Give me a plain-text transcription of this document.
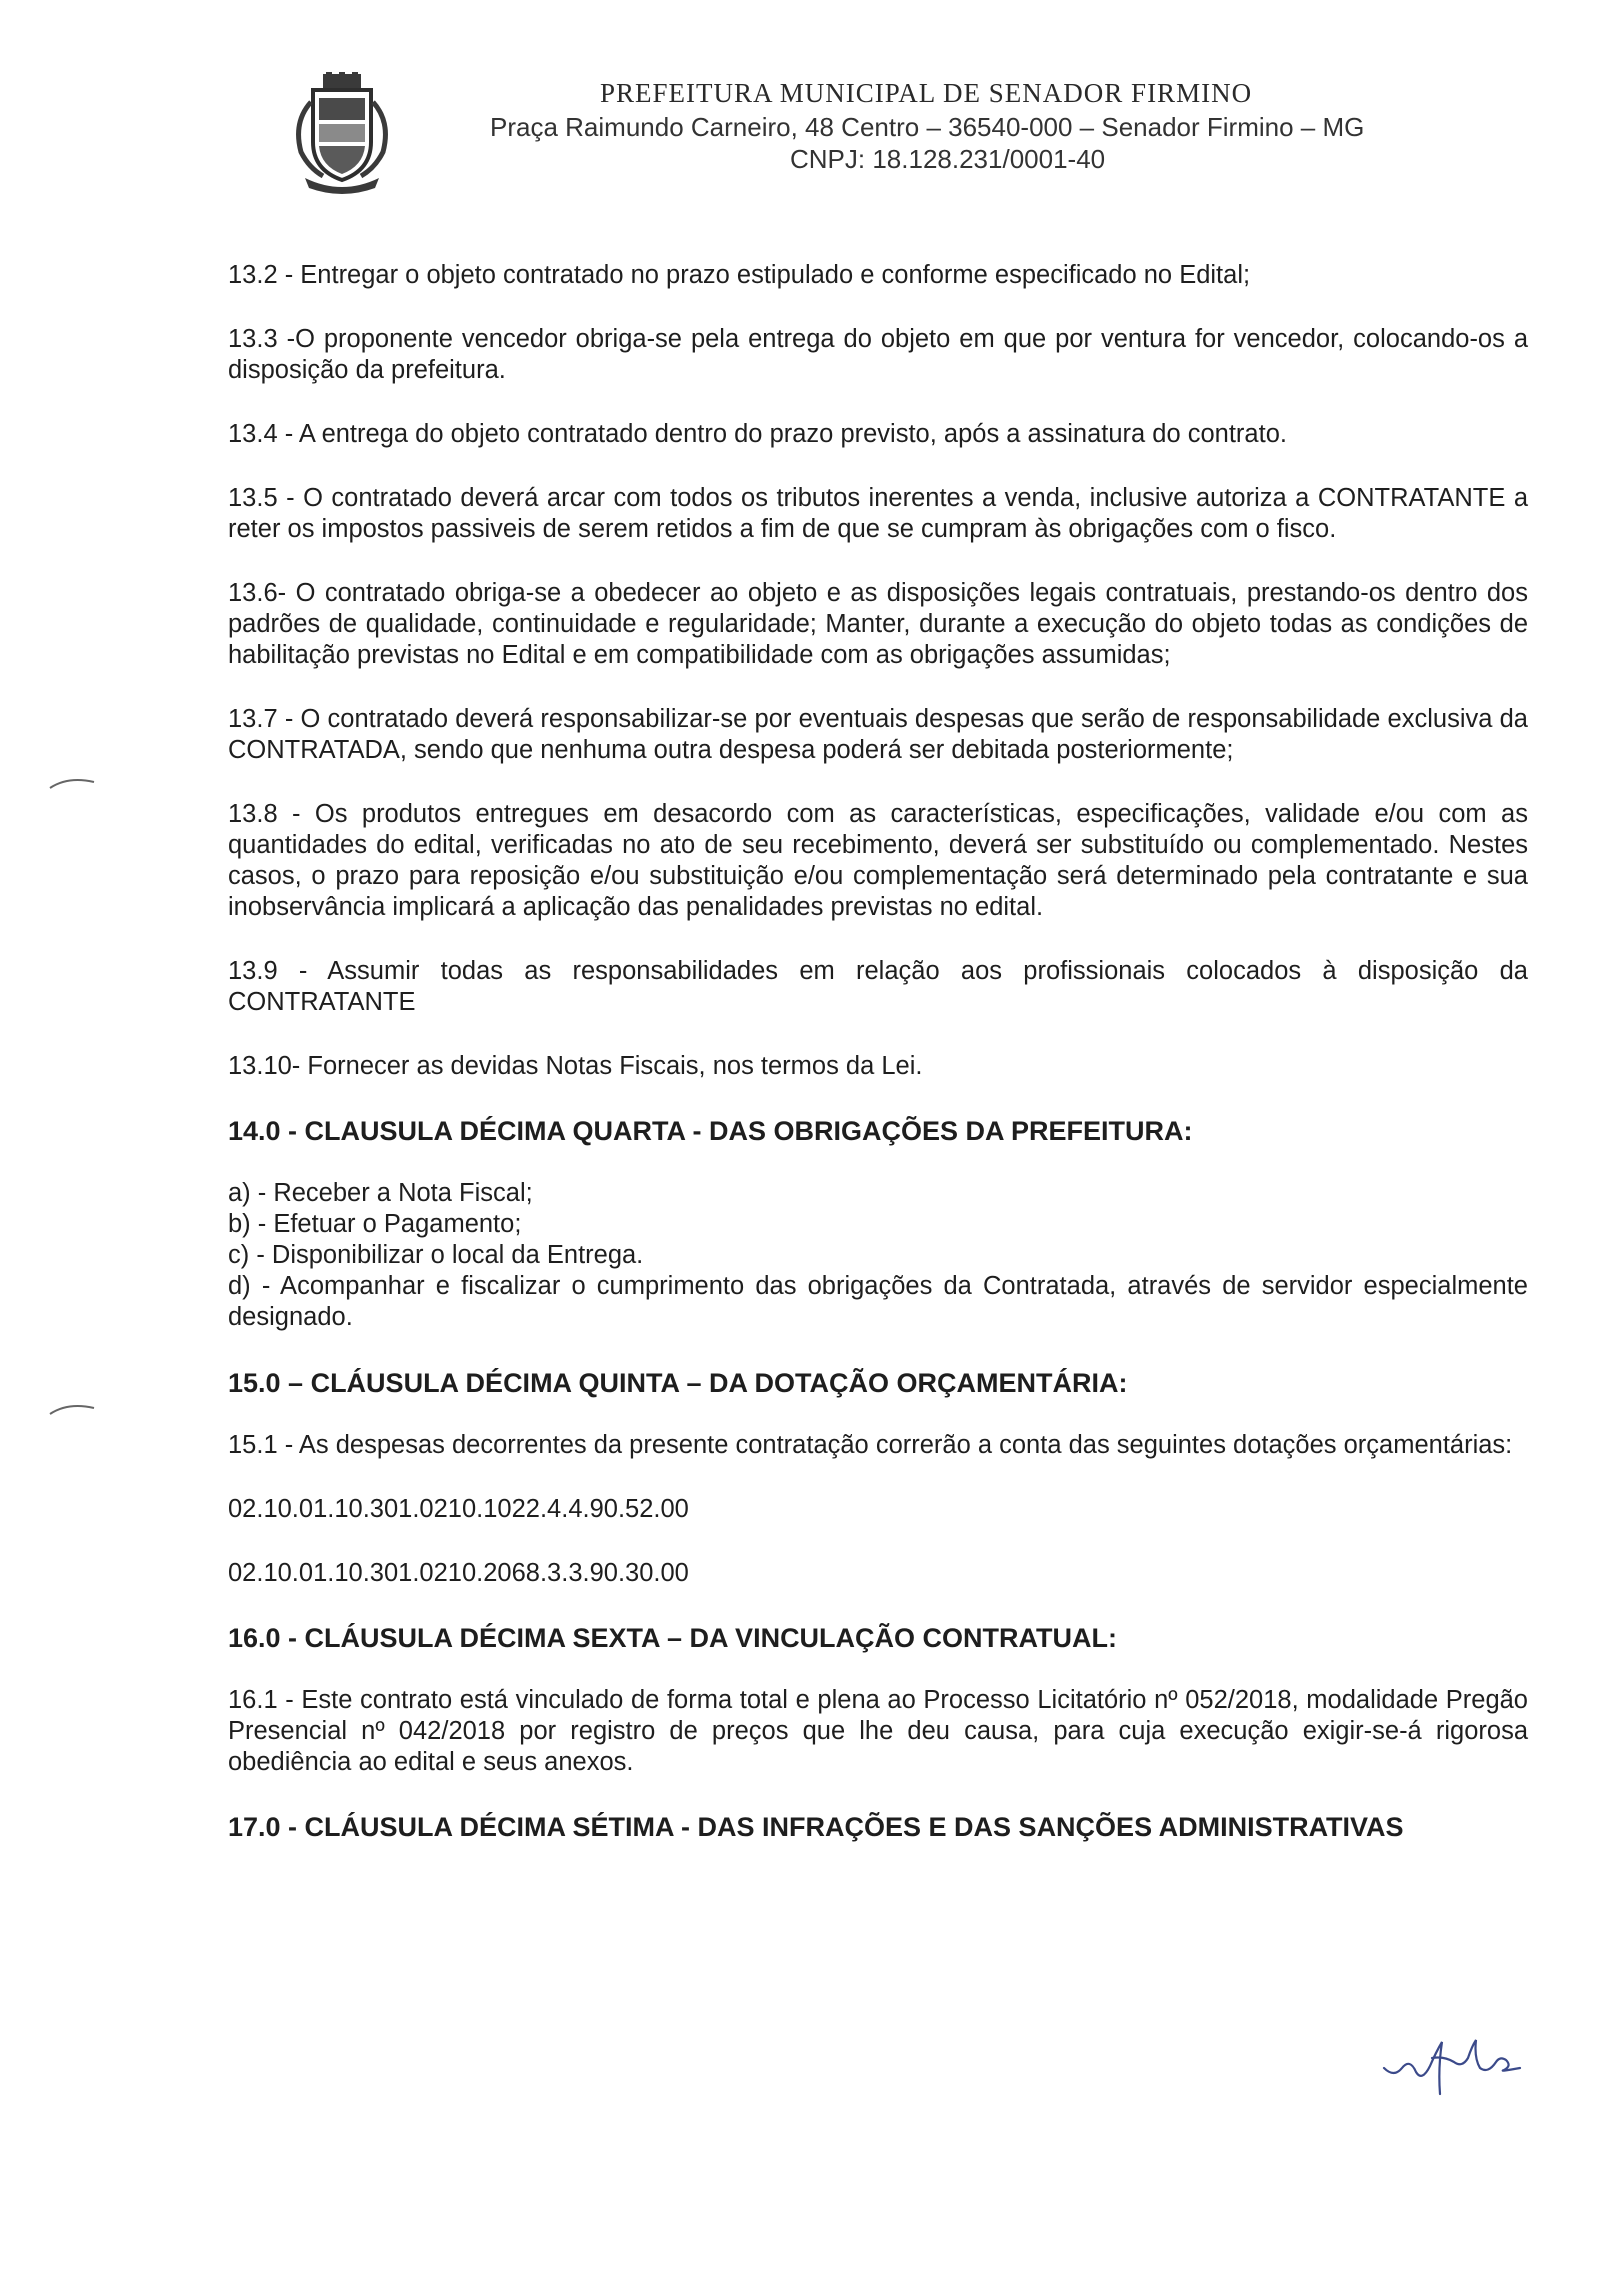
PREFEITURA MUNICIPAL DE SENADOR FIRMINO
Praça Raimundo Carneiro, 48 Centro – 36540-000 – Senador Firmino – MG
CNPJ: 18.128.231/0001-40

13.2 - Entregar o objeto contratado no prazo estipulado e conforme especificado no Edital;

13.3 -O proponente vencedor obriga-se pela entrega do objeto em que por ventura for vencedor, colocando-os a disposição da prefeitura.

13.4 - A entrega do objeto contratado dentro do prazo previsto, após a assinatura do contrato.

13.5 - O contratado deverá arcar com todos os tributos inerentes a venda, inclusive autoriza a CONTRATANTE a reter os impostos passiveis de serem retidos a fim de que se cumpram às obrigações com o fisco.

13.6- O contratado obriga-se a obedecer ao objeto e as disposições legais contratuais, prestando-os dentro dos padrões de qualidade, continuidade e regularidade; Manter, durante a execução do objeto todas as condições de habilitação previstas no Edital e em compatibilidade com as obrigações assumidas;

13.7 - O contratado deverá responsabilizar-se por eventuais despesas que serão de responsabilidade exclusiva da CONTRATADA, sendo que nenhuma outra despesa poderá ser debitada posteriormente;

13.8 - Os produtos entregues em desacordo com as características, especificações, validade e/ou com as quantidades do edital, verificadas no ato de seu recebimento, deverá ser substituído ou complementado. Nestes casos, o prazo para reposição e/ou substituição e/ou complementação será determinado pela contratante e sua inobservância implicará a aplicação das penalidades previstas no edital.

13.9 - Assumir todas as responsabilidades em relação aos profissionais colocados à disposição da CONTRATANTE

13.10- Fornecer as devidas Notas Fiscais, nos termos da Lei.

14.0 - CLAUSULA DÉCIMA QUARTA - DAS OBRIGAÇÕES DA PREFEITURA:
a) - Receber a Nota Fiscal;
b) - Efetuar o Pagamento;
c) - Disponibilizar o local da Entrega.
d) - Acompanhar e fiscalizar o cumprimento das obrigações da Contratada, através de servidor especialmente designado.
15.0 – CLÁUSULA DÉCIMA QUINTA – DA DOTAÇÃO ORÇAMENTÁRIA:

15.1 - As despesas decorrentes da presente contratação correrão a conta das seguintes dotações orçamentárias:

02.10.01.10.301.0210.1022.4.4.90.52.00

02.10.01.10.301.0210.2068.3.3.90.30.00

16.0 - CLÁUSULA DÉCIMA SEXTA – DA VINCULAÇÃO CONTRATUAL:

16.1 - Este contrato está vinculado de forma total e plena ao Processo Licitatório nº 052/2018, modalidade Pregão Presencial nº 042/2018 por registro de preços que lhe deu causa, para cuja execução exigir-se-á rigorosa obediência ao edital e seus anexos.

17.0 - CLÁUSULA DÉCIMA SÉTIMA - DAS INFRAÇÕES E DAS SANÇÕES ADMINISTRATIVAS
